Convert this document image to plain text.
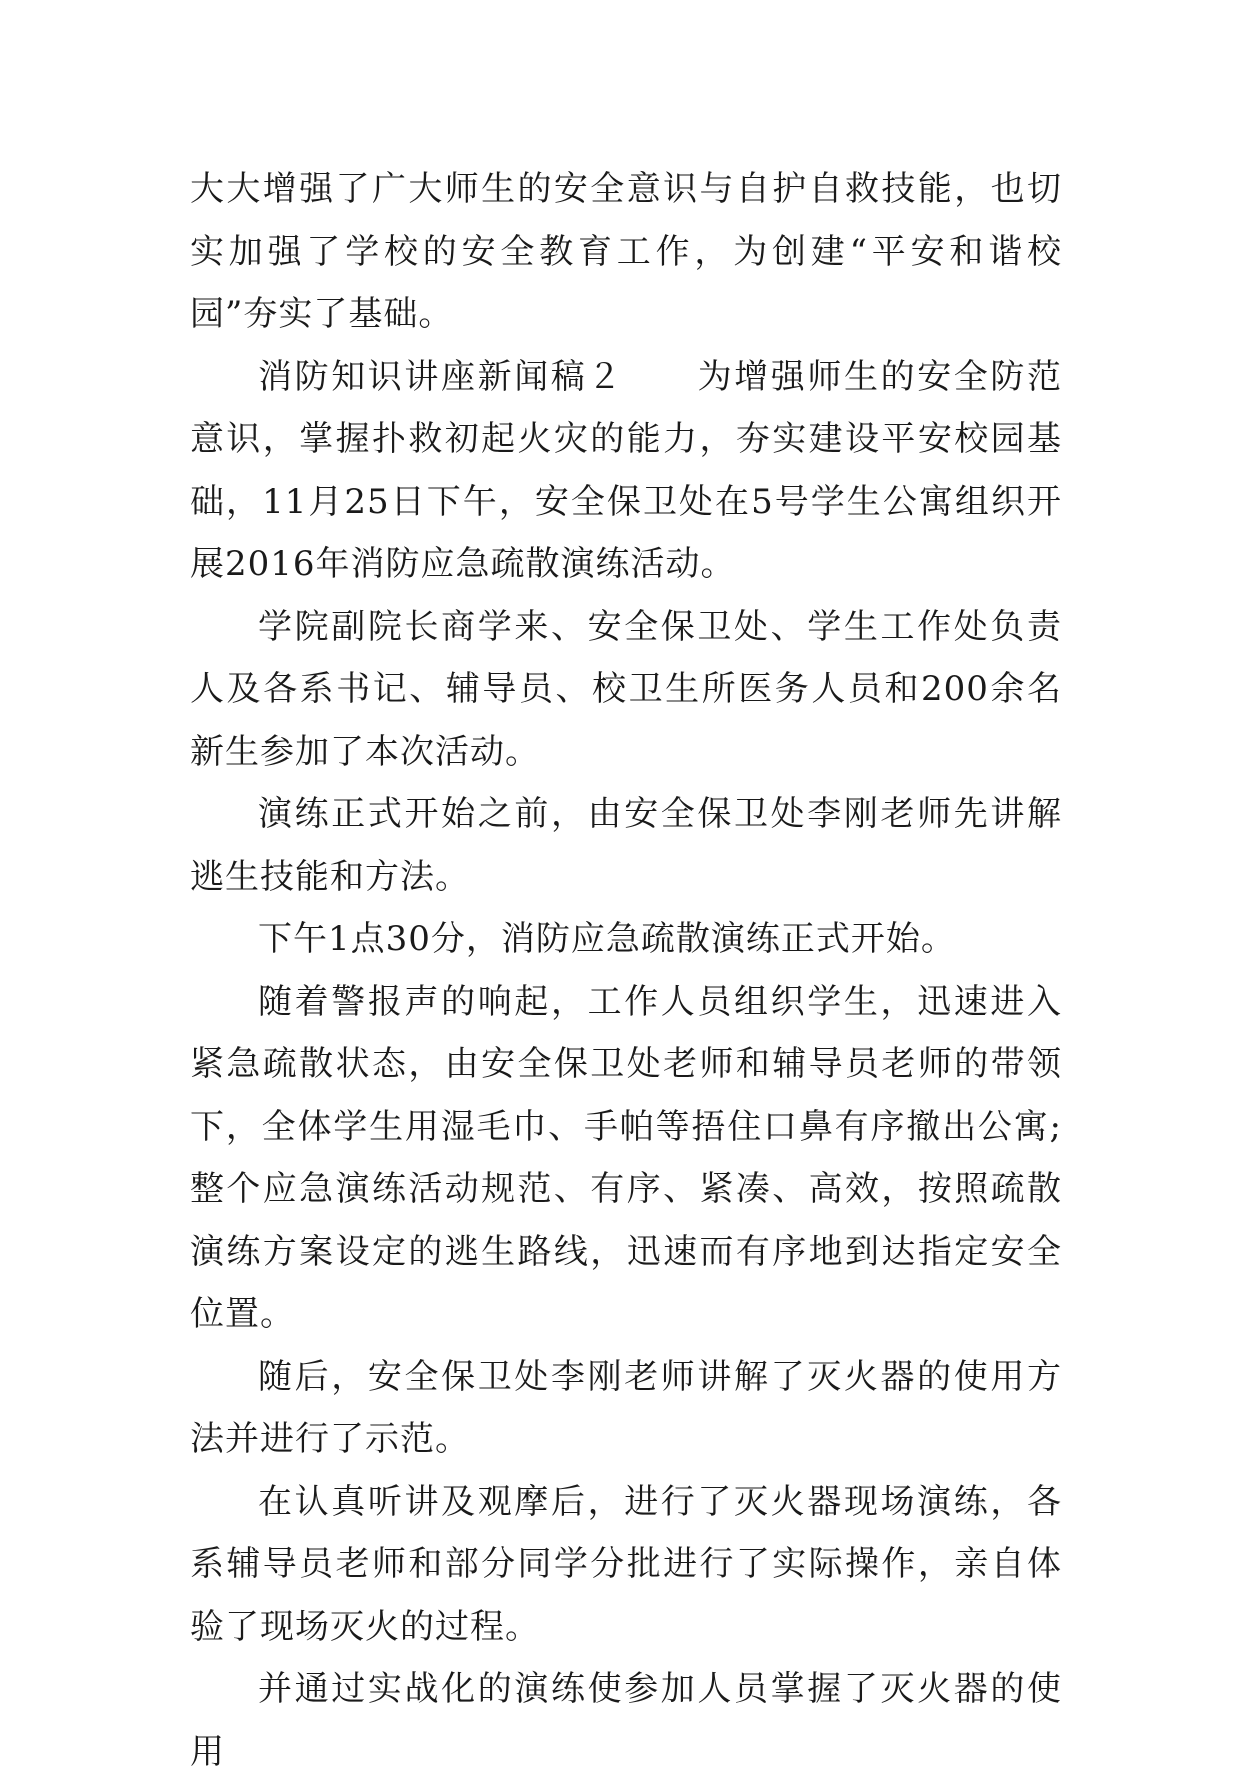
大大增强了广大师生的安全意识与自护自救技能，也切实加强了学校的安全教育工作，为创建“平安和谐校园”夯实了基础。

消防知识讲座新闻稿２ 为增强师生的安全防范意识，掌握扑救初起火灾的能力，夯实建设平安校园基础，11月25日下午，安全保卫处在5号学生公寓组织开展2016年消防应急疏散演练活动。

学院副院长商学来、安全保卫处、学生工作处负责人及各系书记、辅导员、校卫生所医务人员和200余名新生参加了本次活动。

演练正式开始之前，由安全保卫处李刚老师先讲解逃生技能和方法。

下午1点30分，消防应急疏散演练正式开始。

随着警报声的响起，工作人员组织学生，迅速进入紧急疏散状态，由安全保卫处老师和辅导员老师的带领下，全体学生用湿毛巾、手帕等捂住口鼻有序撤出公寓;整个应急演练活动规范、有序、紧凑、高效，按照疏散演练方案设定的逃生路线，迅速而有序地到达指定安全位置。

随后，安全保卫处李刚老师讲解了灭火器的使用方法并进行了示范。

在认真听讲及观摩后，进行了灭火器现场演练，各系辅导员老师和部分同学分批进行了实际操作，亲自体验了现场灭火的过程。

并通过实战化的演练使参加人员掌握了灭火器的使用
